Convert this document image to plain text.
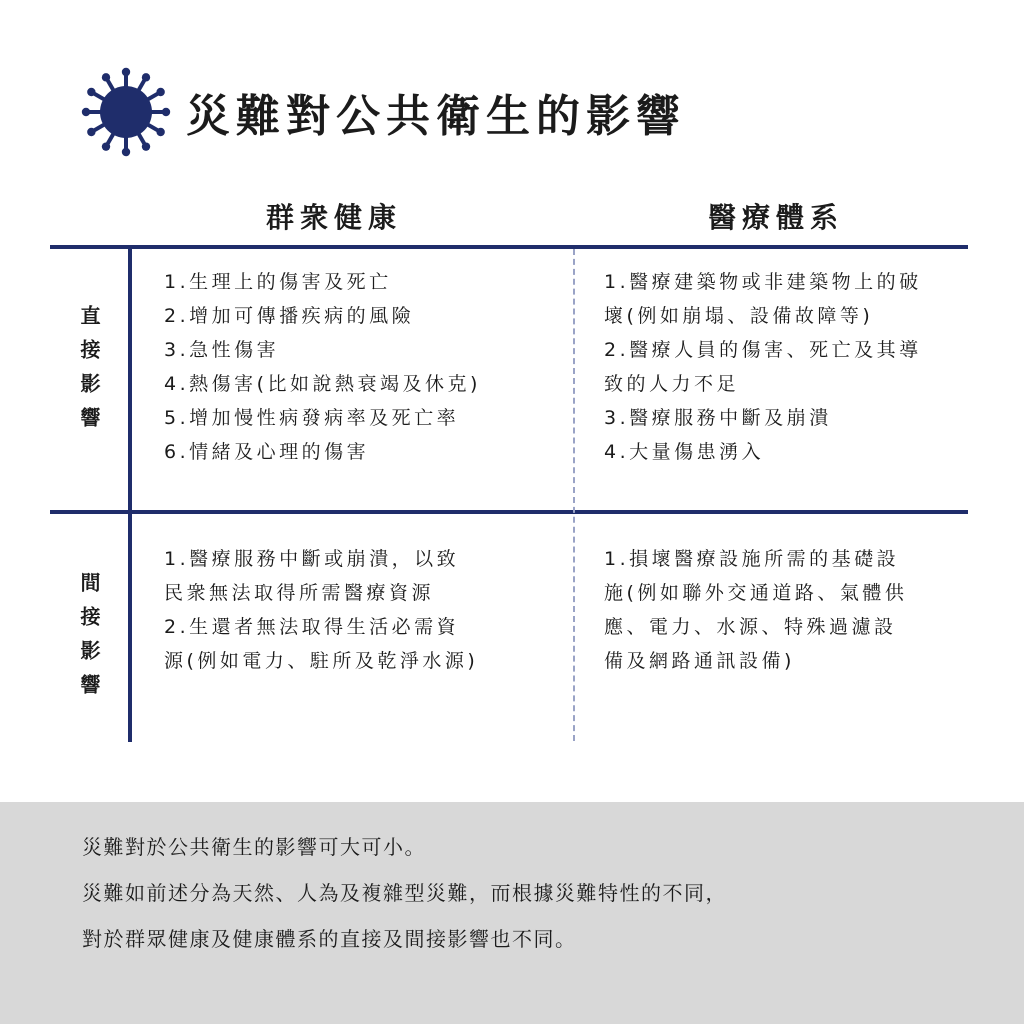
災難對公共衛生的影響
群衆健康	醫療體系
直接影響
間接影響
1.生理上的傷害及死亡
2.增加可傳播疾病的風險
3.急性傷害
4.熱傷害(比如說熱衰竭及休克)
5.增加慢性病發病率及死亡率
6.情緒及心理的傷害
1.醫療建築物或非建築物上的破
壞(例如崩塌、設備故障等)
2.醫療人員的傷害、死亡及其導
致的人力不足
3.醫療服務中斷及崩潰
4.大量傷患湧入
1.醫療服務中斷或崩潰，以致
民衆無法取得所需醫療資源
2.生還者無法取得生活必需資
源(例如電力、駐所及乾淨水源)
1.損壞醫療設施所需的基礎設
施(例如聯外交通道路、氣體供
應、電力、水源、特殊過濾設
備及網路通訊設備)
災難對於公共衛生的影響可大可小。
災難如前述分為天然、人為及複雜型災難，而根據災難特性的不同，
對於群眾健康及健康體系的直接及間接影響也不同。
